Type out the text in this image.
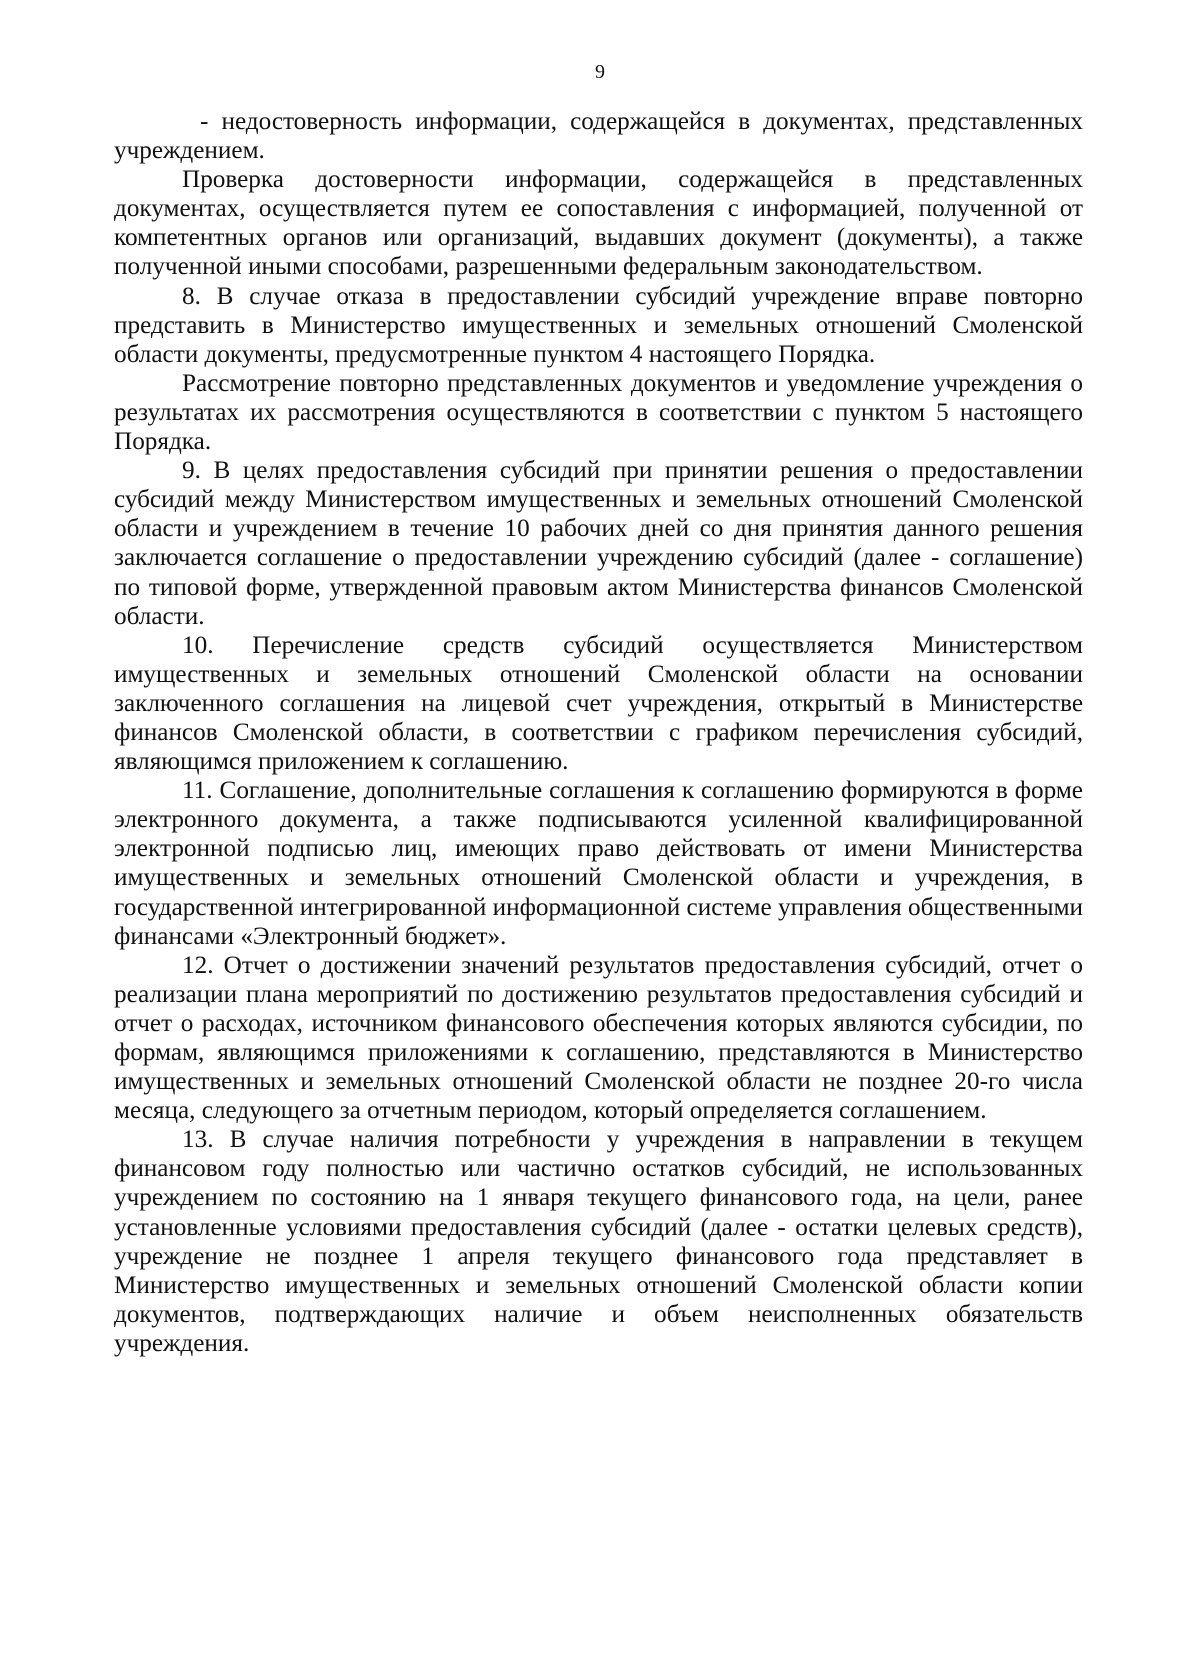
9

- недостоверность информации, содержащейся в документах, представленных учреждением.

Проверка достоверности информации, содержащейся в представленных документах, осуществляется путем ее сопоставления с информацией, полученной от компетентных органов или организаций, выдавших документ (документы), а также полученной иными способами, разрешенными федеральным законодательством.

8. В случае отказа в предоставлении субсидий учреждение вправе повторно представить в Министерство имущественных и земельных отношений Смоленской области документы, предусмотренные пунктом 4 настоящего Порядка.

Рассмотрение повторно представленных документов и уведомление учреждения о результатах их рассмотрения осуществляются в соответствии с пунктом 5 настоящего Порядка.

9. В целях предоставления субсидий при принятии решения о предоставлении субсидий между Министерством имущественных и земельных отношений Смоленской области и учреждением в течение 10 рабочих дней со дня принятия данного решения заключается соглашение о предоставлении учреждению субсидий (далее - соглашение) по типовой форме, утвержденной правовым актом Министерства финансов Смоленской области.

10. Перечисление средств субсидий осуществляется Министерством имущественных и земельных отношений Смоленской области на основании заключенного соглашения на лицевой счет учреждения, открытый в Министерстве финансов Смоленской области, в соответствии с графиком перечисления субсидий, являющимся приложением к соглашению.

11. Соглашение, дополнительные соглашения к соглашению формируются в форме электронного документа, а также подписываются усиленной квалифицированной электронной подписью лиц, имеющих право действовать от имени Министерства имущественных и земельных отношений Смоленской области и учреждения, в государственной интегрированной информационной системе управления общественными финансами «Электронный бюджет».

12. Отчет о достижении значений результатов предоставления субсидий, отчет о реализации плана мероприятий по достижению результатов предоставления субсидий и отчет о расходах, источником финансового обеспечения которых являются субсидии, по формам, являющимся приложениями к соглашению, представляются в Министерство имущественных и земельных отношений Смоленской области не позднее 20-го числа месяца, следующего за отчетным периодом, который определяется соглашением.

13. В случае наличия потребности у учреждения в направлении в текущем финансовом году полностью или частично остатков субсидий, не использованных учреждением по состоянию на 1 января текущего финансового года, на цели, ранее установленные условиями предоставления субсидий (далее - остатки целевых средств), учреждение не позднее 1 апреля текущего финансового года представляет в Министерство имущественных и земельных отношений Смоленской области копии документов, подтверждающих наличие и объем неисполненных обязательств учреждения.
